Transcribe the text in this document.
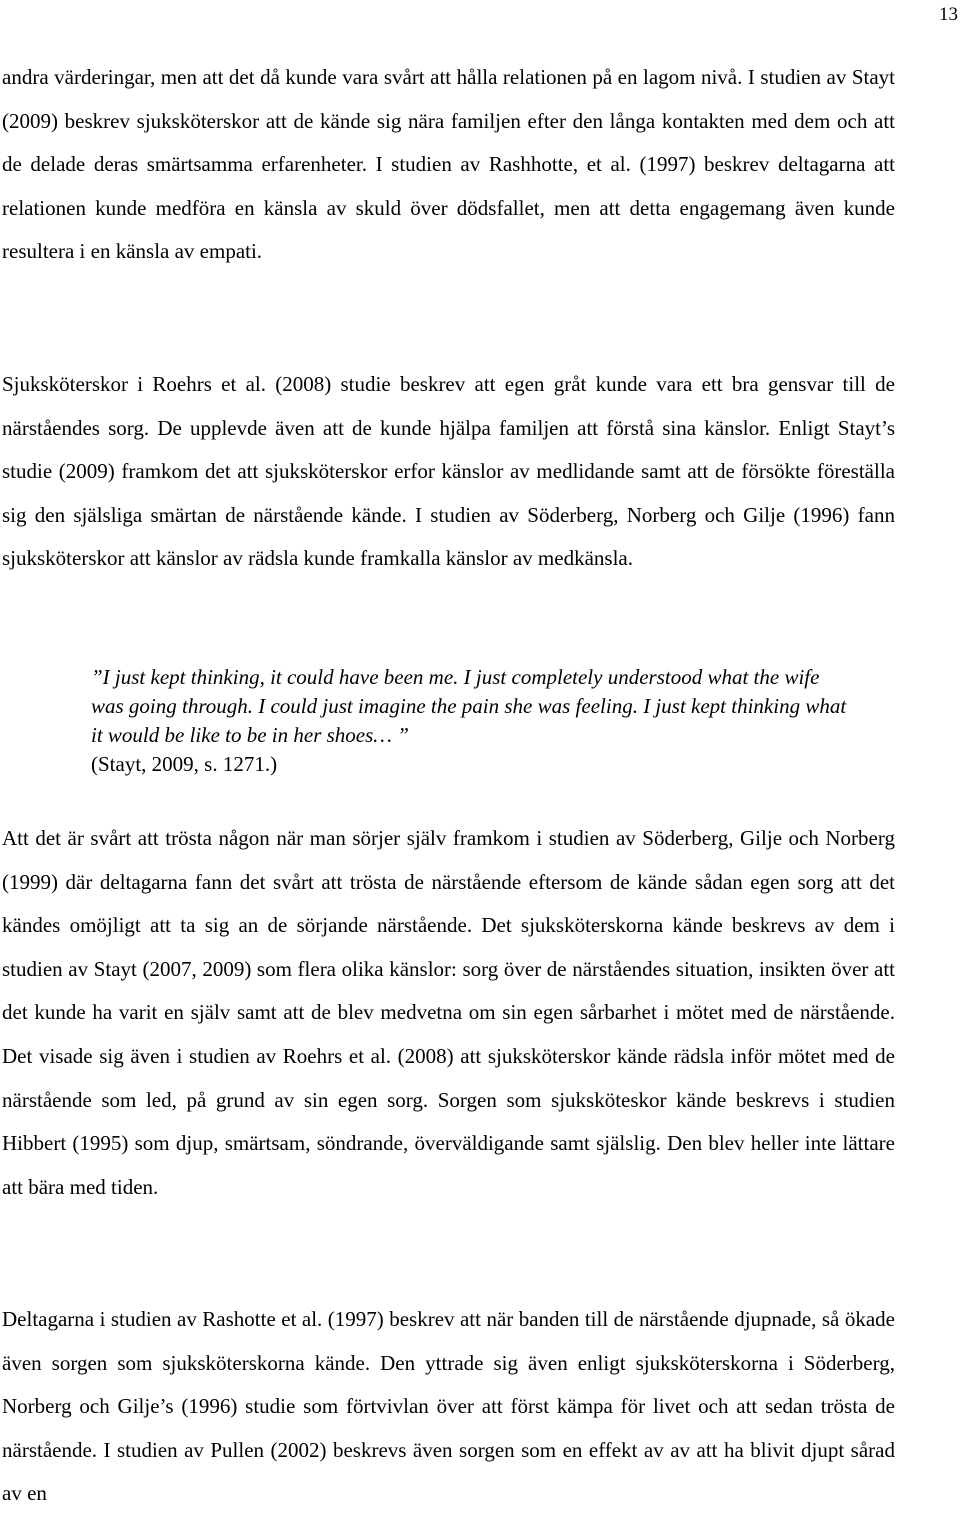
13

andra värderingar, men att det då kunde vara svårt att hålla relationen på en lagom nivå. I studien av Stayt (2009) beskrev sjuksköterskor att de kände sig nära familjen efter den långa kontakten med dem och att de delade deras smärtsamma erfarenheter. I studien av Rashhotte, et al. (1997) beskrev deltagarna att relationen kunde medföra en känsla av skuld över dödsfallet, men att detta engagemang även kunde resultera i en känsla av empati.

Sjuksköterskor i Roehrs et al. (2008) studie beskrev att egen gråt kunde vara ett bra gensvar till de närståendes sorg. De upplevde även att de kunde hjälpa familjen att förstå sina känslor. Enligt Stayt’s studie (2009) framkom det att sjuksköterskor erfor känslor av medlidande samt att de försökte föreställa sig den själsliga smärtan de närstående kände. I studien av Söderberg, Norberg och Gilje (1996) fann sjuksköterskor att känslor av rädsla kunde framkalla känslor av medkänsla.

”I just kept thinking, it could have been me. I just completely understood what the wife was going through. I could just imagine the pain she was feeling. I just kept thinking what it would be like to be in her shoes… ”
(Stayt, 2009, s. 1271.)

Att det är svårt att trösta någon när man sörjer själv framkom i studien av Söderberg, Gilje och Norberg (1999) där deltagarna fann det svårt att trösta de närstående eftersom de kände sådan egen sorg att det kändes omöjligt att ta sig an de sörjande närstående. Det sjuksköterskorna kände beskrevs av dem i studien av Stayt (2007, 2009) som flera olika känslor: sorg över de närståendes situation, insikten över att det kunde ha varit en själv samt att de blev medvetna om sin egen sårbarhet i mötet med de närstående. Det visade sig även i studien av Roehrs et al. (2008) att sjuksköterskor kände rädsla inför mötet med de närstående som led, på grund av sin egen sorg. Sorgen som sjuksköteskor kände beskrevs i studien Hibbert (1995) som djup, smärtsam, söndrande, överväldigande samt själslig. Den blev heller inte lättare att bära med tiden.

Deltagarna i studien av Rashotte et al. (1997) beskrev att när banden till de närstående djupnade, så ökade även sorgen som sjuksköterskorna kände. Den yttrade sig även enligt sjuksköterskorna i Söderberg, Norberg och Gilje’s (1996) studie som förtvivlan över att först kämpa för livet och att sedan trösta de närstående. I studien av Pullen (2002) beskrevs även sorgen som en effekt av av att ha blivit djupt sårad av en
